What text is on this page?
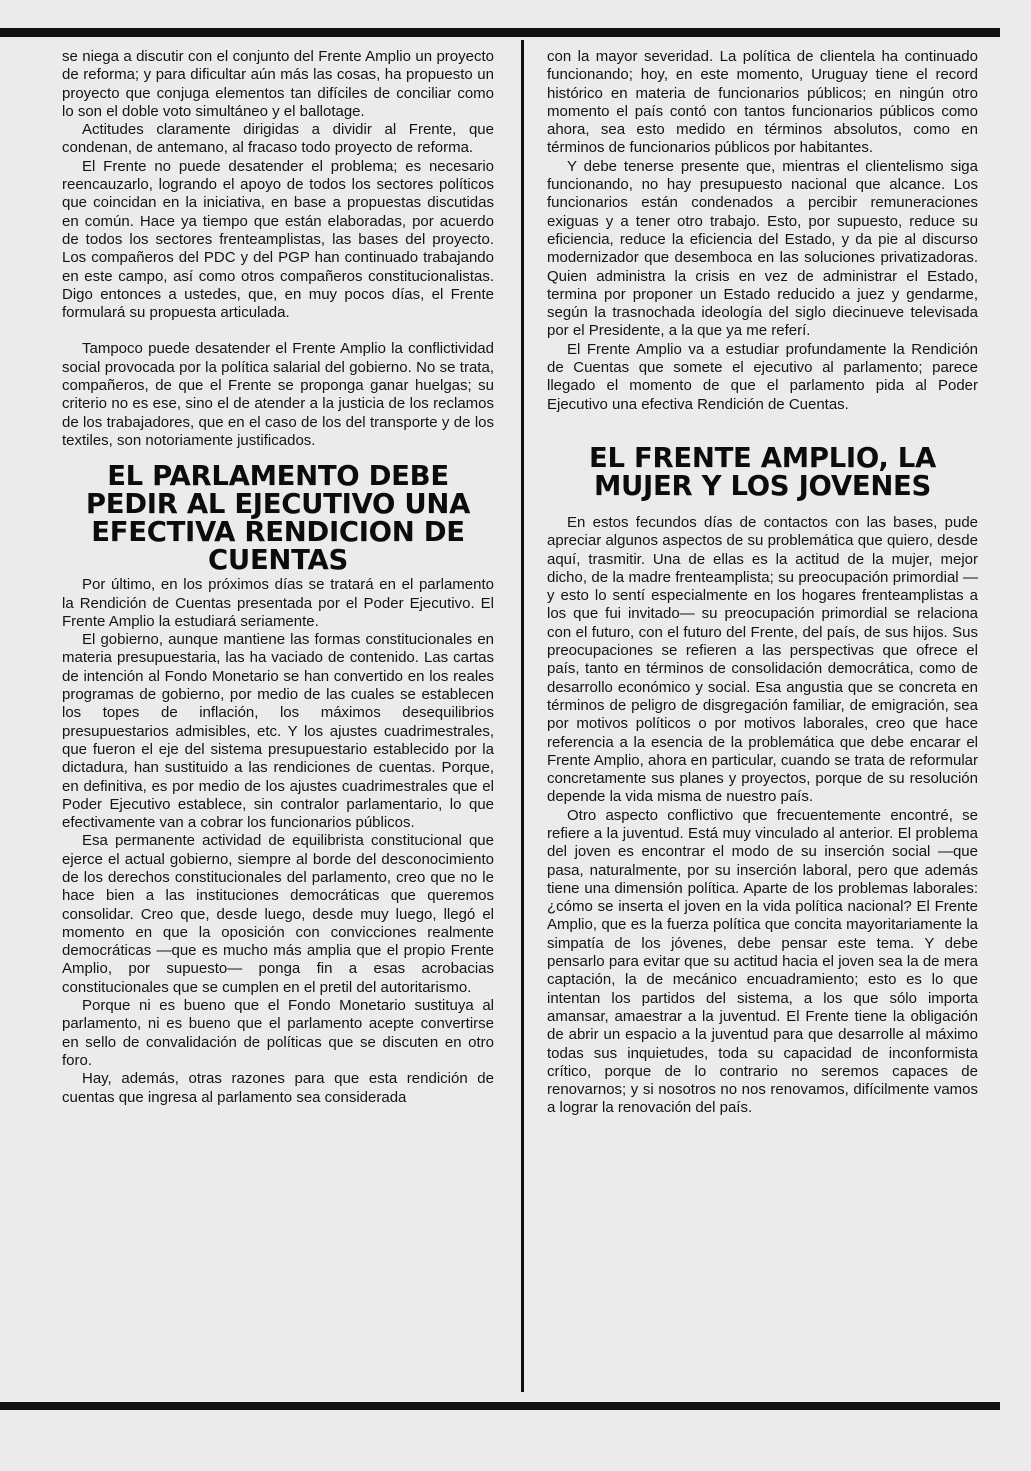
se niega a discutir con el conjunto del Frente Amplio un proyecto de reforma; y para dificultar aún más las cosas, ha propuesto un proyecto que conjuga elementos tan difíciles de conciliar como lo son el doble voto simultáneo y el ballotage.

Actitudes claramente dirigidas a dividir al Frente, que condenan, de antemano, al fracaso todo proyecto de reforma.

El Frente no puede desatender el problema; es necesario reencauzarlo, logrando el apoyo de todos los sectores políticos que coincidan en la iniciativa, en base a propuestas discutidas en común. Hace ya tiempo que están elaboradas, por acuerdo de todos los sectores frenteamplistas, las bases del proyecto. Los compañeros del PDC y del PGP han continuado trabajando en este campo, así como otros compañeros constitucionalistas. Digo entonces a ustedes, que, en muy pocos días, el Frente formulará su propuesta articulada.

Tampoco puede desatender el Frente Amplio la conflictividad social provocada por la política salarial del gobierno. No se trata, compañeros, de que el Frente se proponga ganar huelgas; su criterio no es ese, sino el de atender a la justicia de los reclamos de los trabajadores, que en el caso de los del transporte y de los textiles, son notoriamente justificados.

EL PARLAMENTO DEBE PEDIR AL EJECUTIVO UNA EFECTIVA RENDICION DE CUENTAS

Por último, en los próximos días se tratará en el parlamento la Rendición de Cuentas presentada por el Poder Ejecutivo. El Frente Amplio la estudiará seriamente.

El gobierno, aunque mantiene las formas constitucionales en materia presupuestaria, las ha vaciado de contenido. Las cartas de intención al Fondo Monetario se han convertido en los reales programas de gobierno, por medio de las cuales se establecen los topes de inflación, los máximos desequilibrios presupuestarios admisibles, etc. Y los ajustes cuadrimestrales, que fueron el eje del sistema presupuestario establecido por la dictadura, han sustituido a las rendiciones de cuentas. Porque, en definitiva, es por medio de los ajustes cuadrimestrales que el Poder Ejecutivo establece, sin contralor parlamentario, lo que efectivamente van a cobrar los funcionarios públicos.

Esa permanente actividad de equilibrista constitucional que ejerce el actual gobierno, siempre al borde del desconocimiento de los derechos constitucionales del parlamento, creo que no le hace bien a las instituciones democráticas que queremos consolidar. Creo que, desde luego, desde muy luego, llegó el momento en que la oposición con convicciones realmente democráticas —que es mucho más amplia que el propio Frente Amplio, por supuesto— ponga fin a esas acrobacias constitucionales que se cumplen en el pretil del autoritarismo.

Porque ni es bueno que el Fondo Monetario sustituya al parlamento, ni es bueno que el parlamento acepte convertirse en sello de convalidación de políticas que se discuten en otro foro.

Hay, además, otras razones para que esta rendición de cuentas que ingresa al parlamento sea considerada

con la mayor severidad. La política de clientela ha continuado funcionando; hoy, en este momento, Uruguay tiene el record histórico en materia de funcionarios públicos; en ningún otro momento el país contó con tantos funcionarios públicos como ahora, sea esto medido en términos absolutos, como en términos de funcionarios públicos por habitantes.

Y debe tenerse presente que, mientras el clientelismo siga funcionando, no hay presupuesto nacional que alcance. Los funcionarios están condenados a percibir remuneraciones exiguas y a tener otro trabajo. Esto, por supuesto, reduce su eficiencia, reduce la eficiencia del Estado, y da pie al discurso modernizador que desemboca en las soluciones privatizadoras. Quien administra la crisis en vez de administrar el Estado, termina por proponer un Estado reducido a juez y gendarme, según la trasnochada ideología del siglo diecinueve televisada por el Presidente, a la que ya me referí.

El Frente Amplio va a estudiar profundamente la Rendición de Cuentas que somete el ejecutivo al parlamento; parece llegado el momento de que el parlamento pida al Poder Ejecutivo una efectiva Rendición de Cuentas.

EL FRENTE AMPLIO, LA MUJER Y LOS JOVENES

En estos fecundos días de contactos con las bases, pude apreciar algunos aspectos de su problemática que quiero, desde aquí, trasmitir. Una de ellas es la actitud de la mujer, mejor dicho, de la madre frenteamplista; su preocupación primordial —y esto lo sentí especialmente en los hogares frenteamplistas a los que fui invitado— su preocupación primordial se relaciona con el futuro, con el futuro del Frente, del país, de sus hijos. Sus preocupaciones se refieren a las perspectivas que ofrece el país, tanto en términos de consolidación democrática, como de desarrollo económico y social. Esa angustia que se concreta en términos de peligro de disgregación familiar, de emigración, sea por motivos políticos o por motivos laborales, creo que hace referencia a la esencia de la problemática que debe encarar el Frente Amplio, ahora en particular, cuando se trata de reformular concretamente sus planes y proyectos, porque de su resolución depende la vida misma de nuestro país.

Otro aspecto conflictivo que frecuentemente encontré, se refiere a la juventud. Está muy vinculado al anterior. El problema del joven es encontrar el modo de su inserción social —que pasa, naturalmente, por su inserción laboral, pero que además tiene una dimensión política. Aparte de los problemas laborales: ¿cómo se inserta el joven en la vida política nacional? El Frente Amplio, que es la fuerza política que concita mayoritariamente la simpatía de los jóvenes, debe pensar este tema. Y debe pensarlo para evitar que su actitud hacia el joven sea la de mera captación, la de mecánico encuadramiento; esto es lo que intentan los partidos del sistema, a los que sólo importa amansar, amaestrar a la juventud. El Frente tiene la obligación de abrir un espacio a la juventud para que desarrolle al máximo todas sus inquietudes, toda su capacidad de inconformista crítico, porque de lo contrario no seremos capaces de renovarnos; y si nosotros no nos renovamos, difícilmente vamos a lograr la renovación del país.
